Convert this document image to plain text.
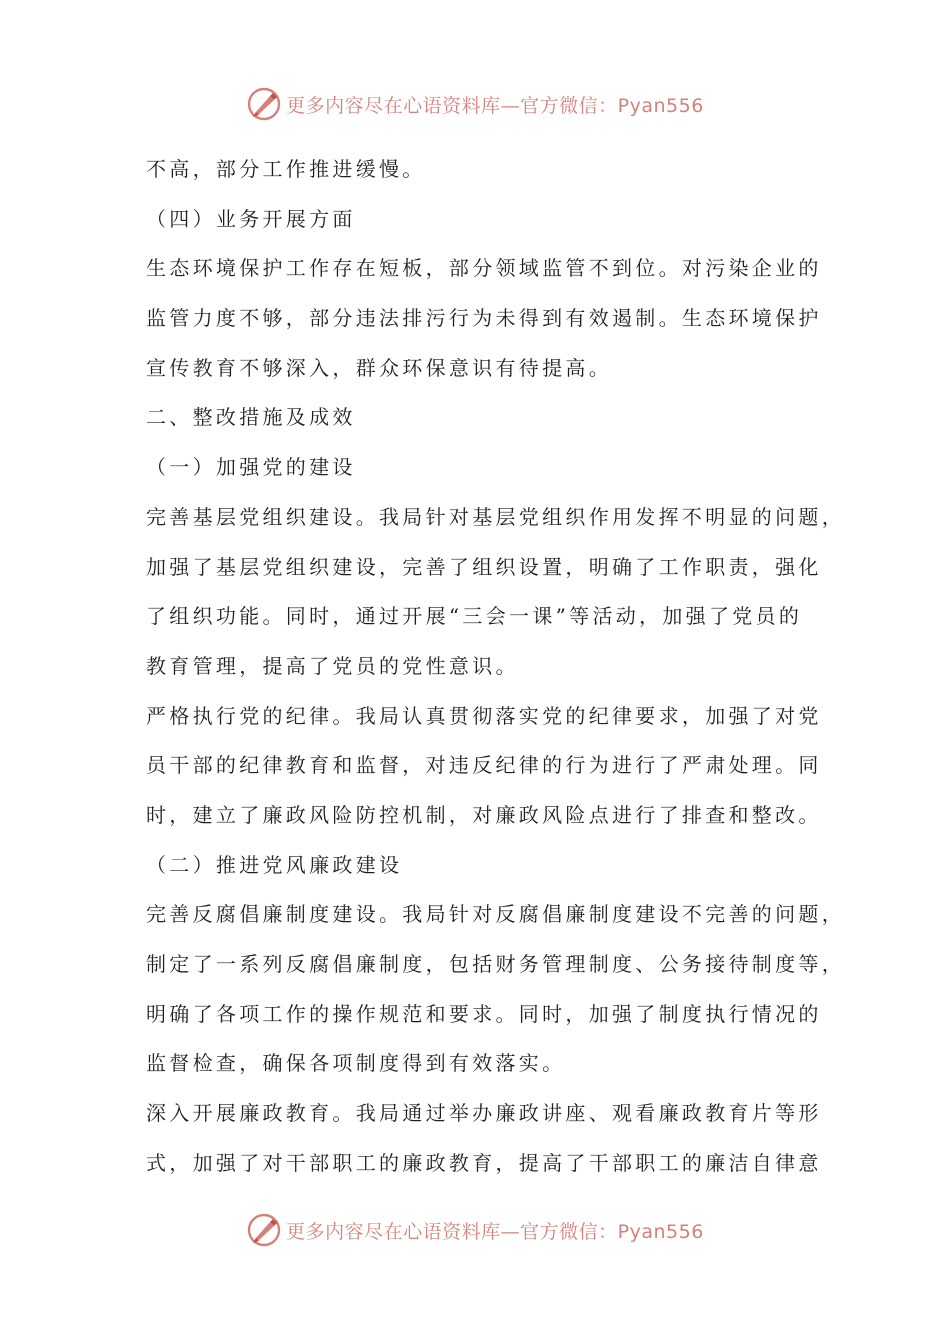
更多内容尽在心语资料库—官方微信：Pyan556
不高，部分工作推进缓慢。
（四）业务开展方面
生态环境保护工作存在短板，部分领域监管不到位。对污染企业的
监管力度不够，部分违法排污行为未得到有效遏制。生态环境保护
宣传教育不够深入，群众环保意识有待提高。
二、整改措施及成效
（一）加强党的建设
完善基层党组织建设。我局针对基层党组织作用发挥不明显的问题，
加强了基层党组织建设，完善了组织设置，明确了工作职责，强化
了组织功能。同时，通过开展“三会一课”等活动，加强了党员的
教育管理，提高了党员的党性意识。
严格执行党的纪律。我局认真贯彻落实党的纪律要求，加强了对党
员干部的纪律教育和监督，对违反纪律的行为进行了严肃处理。同
时，建立了廉政风险防控机制，对廉政风险点进行了排查和整改。
（二）推进党风廉政建设
完善反腐倡廉制度建设。我局针对反腐倡廉制度建设不完善的问题，
制定了一系列反腐倡廉制度，包括财务管理制度、公务接待制度等，
明确了各项工作的操作规范和要求。同时，加强了制度执行情况的
监督检查，确保各项制度得到有效落实。
深入开展廉政教育。我局通过举办廉政讲座、观看廉政教育片等形
式，加强了对干部职工的廉政教育，提高了干部职工的廉洁自律意
更多内容尽在心语资料库—官方微信：Pyan556
